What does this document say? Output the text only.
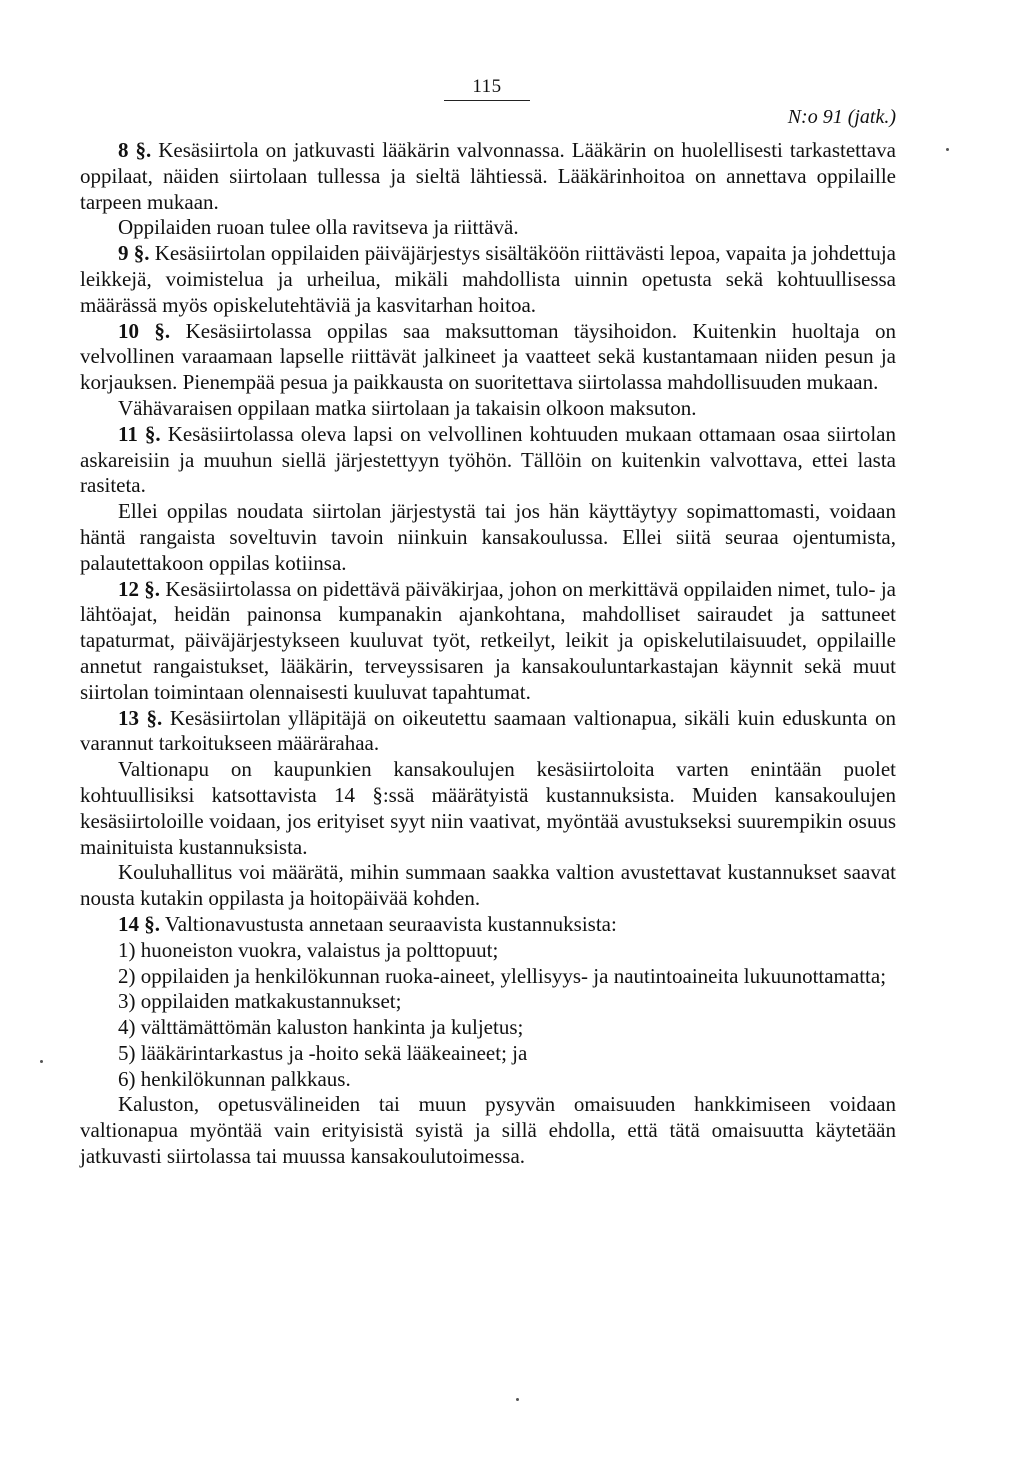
115
N:o 91 (jatk.)

8 §. Kesäsiirtola on jatkuvasti lääkärin valvonnassa. Lääkärin on huolellisesti tarkastettava oppilaat, näiden siirtolaan tullessa ja sieltä lähtiessä. Lääkärinhoitoa on annettava oppilaille tarpeen mukaan.

Oppilaiden ruoan tulee olla ravitseva ja riittävä.

9 §. Kesäsiirtolan oppilaiden päiväjärjestys sisältäköön riittävästi lepoa, vapaita ja johdettuja leikkejä, voimistelua ja urheilua, mikäli mahdollista uinnin opetusta sekä kohtuullisessa määrässä myös opiskelutehtäviä ja kasvitarhan hoitoa.

10 §. Kesäsiirtolassa oppilas saa maksuttoman täysihoidon. Kuitenkin huoltaja on velvollinen varaamaan lapselle riittävät jalkineet ja vaatteet sekä kustantamaan niiden pesun ja korjauksen. Pienempää pesua ja paikkausta on suoritettava siirtolassa mahdollisuuden mukaan.

Vähävaraisen oppilaan matka siirtolaan ja takaisin olkoon maksuton.

11 §. Kesäsiirtolassa oleva lapsi on velvollinen kohtuuden mukaan ottamaan osaa siirtolan askareisiin ja muuhun siellä järjestettyyn työhön. Tällöin on kuitenkin valvottava, ettei lasta rasiteta.

Ellei oppilas noudata siirtolan järjestystä tai jos hän käyttäytyy sopimattomasti, voidaan häntä rangaista soveltuvin tavoin niinkuin kansakoulussa. Ellei siitä seuraa ojentumista, palautettakoon oppilas kotiinsa.

12 §. Kesäsiirtolassa on pidettävä päiväkirjaa, johon on merkittävä oppilaiden nimet, tulo- ja lähtöajat, heidän painonsa kumpanakin ajankohtana, mahdolliset sairaudet ja sattuneet tapaturmat, päiväjärjestykseen kuuluvat työt, retkeilyt, leikit ja opiskelutilaisuudet, oppilaille annetut rangaistukset, lääkärin, terveyssisaren ja kansakouluntarkastajan käynnit sekä muut siirtolan toimintaan olennaisesti kuuluvat tapahtumat.

13 §. Kesäsiirtolan ylläpitäjä on oikeutettu saamaan valtionapua, sikäli kuin eduskunta on varannut tarkoitukseen määrärahaa.

Valtionapu on kaupunkien kansakoulujen kesäsiirtoloita varten enintään puolet kohtuullisiksi katsottavista 14 §:ssä määrätyistä kustannuksista. Muiden kansakoulujen kesäsiirtoloille voidaan, jos erityiset syyt niin vaativat, myöntää avustukseksi suurempikin osuus mainituista kustannuksista.

Kouluhallitus voi määrätä, mihin summaan saakka valtion avustettavat kustannukset saavat nousta kutakin oppilasta ja hoitopäivää kohden.

14 §. Valtionavustusta annetaan seuraavista kustannuksista:

1) huoneiston vuokra, valaistus ja polttopuut;

2) oppilaiden ja henkilökunnan ruoka-aineet, ylellisyys- ja nautintoaineita lukuunottamatta;

3) oppilaiden matkakustannukset;

4) välttämättömän kaluston hankinta ja kuljetus;

5) lääkärintarkastus ja -hoito sekä lääkeaineet; ja

6) henkilökunnan palkkaus.

Kaluston, opetusvälineiden tai muun pysyvän omaisuuden hankkimiseen voidaan valtionapua myöntää vain erityisistä syistä ja sillä ehdolla, että tätä omaisuutta käytetään jatkuvasti siirtolassa tai muussa kansakoulutoimessa.
